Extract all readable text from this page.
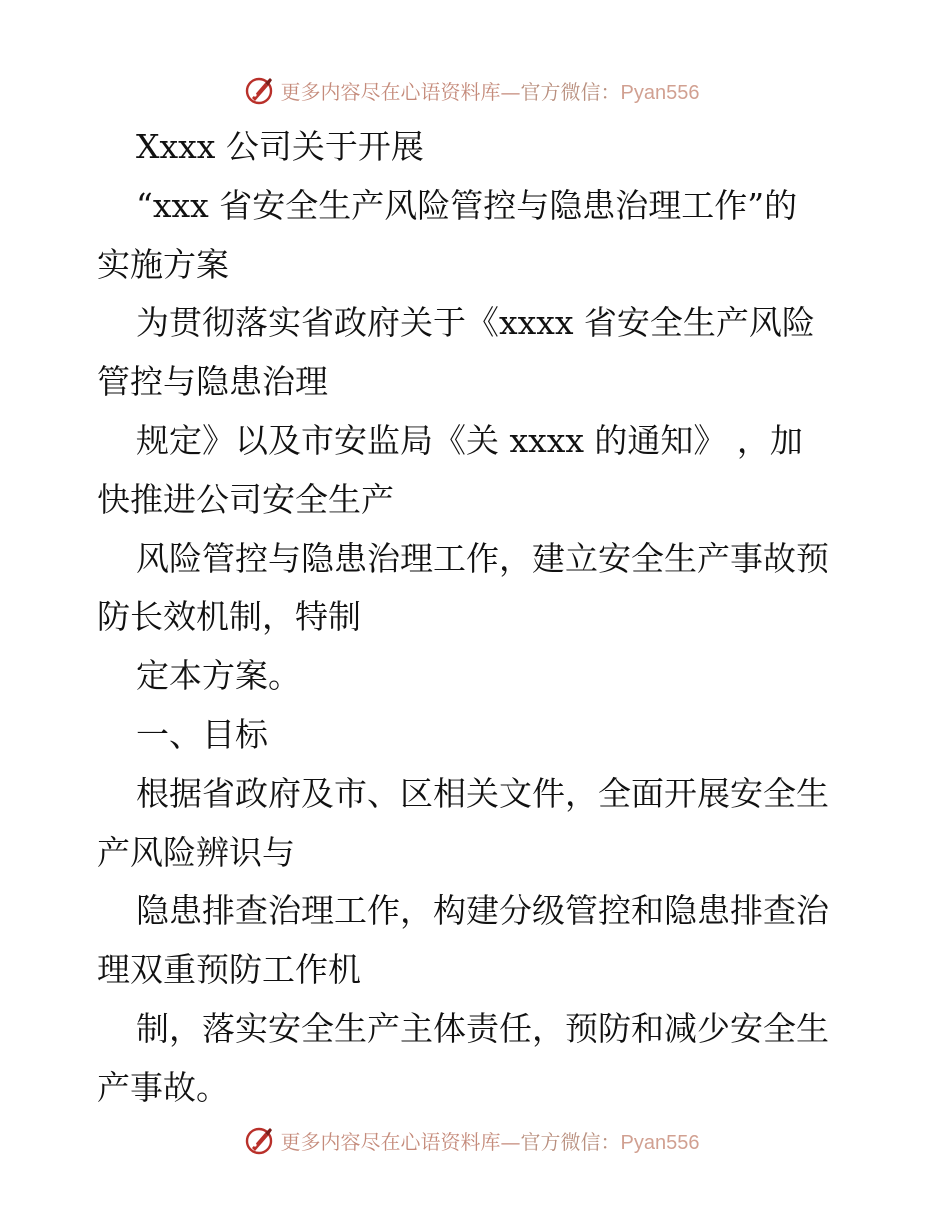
更多内容尽在心语资料库—官方微信：Pyan556
Xxxx 公司关于开展
“xxx 省安全生产风险管控与隐患治理工作”的
实施方案
为贯彻落实省政府关于《xxxx 省安全生产风险
管控与隐患治理
规定》以及市安监局《关 xxxx 的通知》 ，加
快推进公司安全生产
风险管控与隐患治理工作，建立安全生产事故预
防长效机制，特制
定本方案。
一、目标
根据省政府及市、区相关文件，全面开展安全生
产风险辨识与
隐患排查治理工作，构建分级管控和隐患排查治
理双重预防工作机
制，落实安全生产主体责任，预防和减少安全生
产事故。
更多内容尽在心语资料库—官方微信：Pyan556
